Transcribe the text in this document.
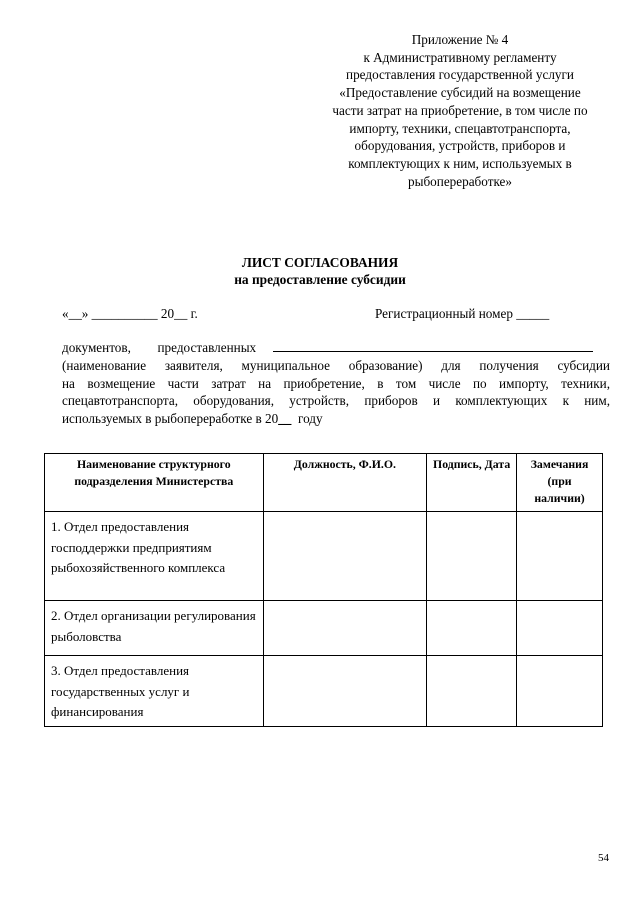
Приложение № 4
к Административному регламенту
предоставления государственной услуги
«Предоставление субсидий на возмещение
части затрат на приобретение, в том числе по
импорту, техники, спецавтотранспорта,
оборудования, устройств, приборов и
комплектующих к ним, используемых в
рыбопереработке»
ЛИСТ СОГЛАСОВАНИЯ
на предоставление субсидии
«__» __________ 20__ г.	Регистрационный номер _____
документов, предоставленных
(наименование заявителя, муниципальное образование) для получения субсидии
на возмещение части затрат на приобретение, в том числе по импорту, техники,
спецавтотранспорта, оборудования, устройств, приборов и комплектующих к ним,
используемых в рыбопереработке в 20__  году
Наименование структурного подразделения Министерства	Должность, Ф.И.О.	Подпись, Дата	Замечания (при наличии)
1. Отдел предоставления господдержки предприятиям рыбохозяйственного комплекса			
2. Отдел организации регулирования рыболовства			
3. Отдел предоставления государственных услуг и финансирования			
54
